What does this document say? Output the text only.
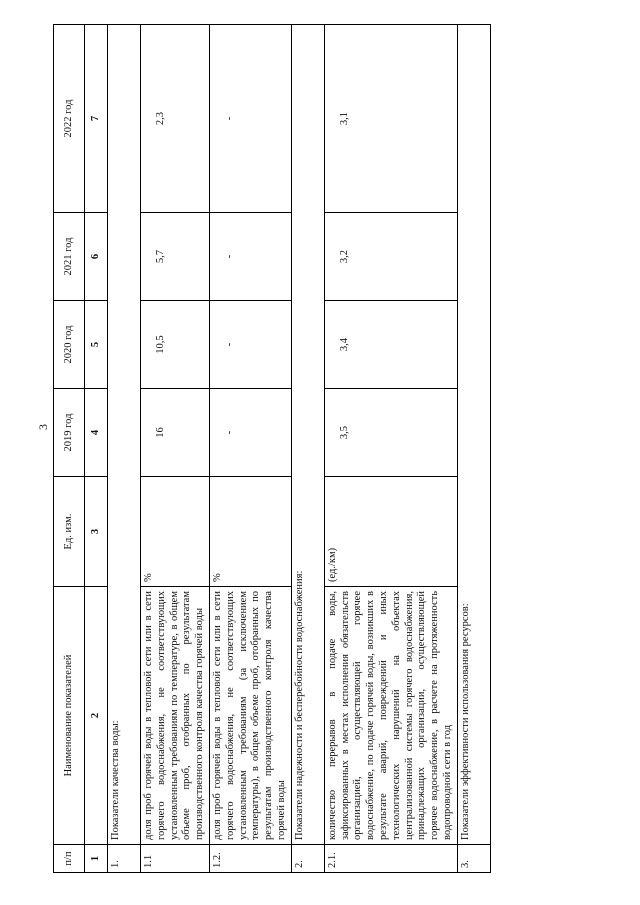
3
п/п	Наименование показателей	Ед. изм.	2019 год	2020 год	2021 год	2022 год
1	2	3	4	5	6	7
1.	Показатели качества воды:					
1.1	доля проб горячей воды в тепловой сети или в сети горячего водоснабжения, не соответствующих установленным требованиям по температуре, в общем объеме проб, отобранных по результатам производственного контроля качества горячей воды	%	16	10,5	5,7	2,3
1.2.	доля проб горячей воды в тепловой сети или в сети горячего водоснабжения, не соответствующих установленным требованиям (за исключением температуры), в общем объеме проб, отобранных по результатам производственного контроля качества горячей воды	%	-	-	-	-
2.	Показатели надежности и бесперебойности водоснабжения:					
2.1.	количество перерывов в подаче воды, зафиксированных в местах исполнения обязательств организацией, осуществляющей горячее водоснабжение, по подаче горячей воды, возникших в результате аварий, повреждений и иных технологических нарушений на объектах централизованной системы горячего водоснабжения, принадлежащих организации, осуществляющей горячее водоснабжение, в расчете на протяженность водопроводной сети в год	(ед./км)	3,5	3,4	3,2	3,1
3.	Показатели эффективности использования ресурсов:					
